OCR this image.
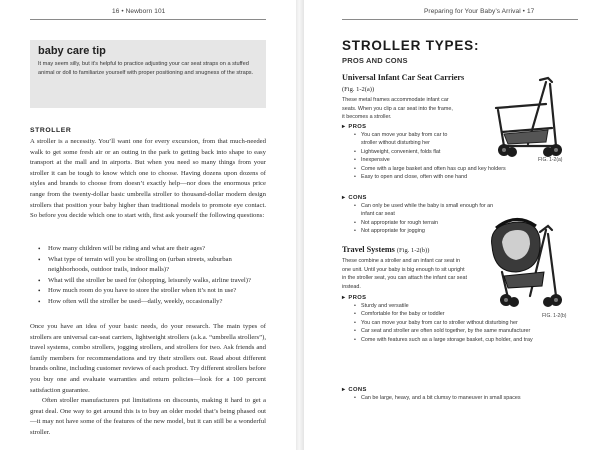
16 • Newborn 101
baby care tip
It may seem silly, but it’s helpful to practice adjusting your car seat straps on a stuffed animal or doll to familiarize yourself with proper positioning and snugness of the straps.
STROLLER

A stroller is a necessity. You’ll want one for every excursion, from that much-needed walk to get some fresh air or an outing in the park to getting back into shape to easy transport at the mall and in airports. But when you need so many things from your stroller it can be tough to know which one to choose. Having dozens upon dozens of styles and brands to choose from doesn’t exactly help—nor does the enormous price range from the twenty-dollar basic umbrella stroller to thousand-dollar modern design strollers that position your baby higher than traditional models to promote eye contact. So before you decide which one to start with, first ask yourself the following questions:

• How many children will be riding and what are their ages?
• What type of terrain will you be strolling on (urban streets, suburban neighborhoods, outdoor trails, indoor malls)?
• What will the stroller be used for (shopping, leisurely walks, airline travel)?
• How much room do you have to store the stroller when it’s not in use?
• How often will the stroller be used—daily, weekly, occasionally?

Once you have an idea of your basic needs, do your research. The main types of strollers are universal car-seat carriers, lightweight strollers (a.k.a. “umbrella strollers”), travel systems, combo strollers, jogging strollers, and strollers for two. Ask friends and family members for recommendations and try their strollers out. Read about different brands online, including customer reviews of each product. Try different strollers before you buy one and evaluate warranties and return policies—look for a 100 percent satisfaction guarantee.

Often stroller manufacturers put limitations on discounts, making it hard to get a great deal. One way to get around this is to buy an older model that’s being phased out—it may not have some of the features of the new model, but it can still be a wonderful stroller.

Preparing for Your Baby’s Arrival • 17
STROLLER TYPES:
PROS AND CONS
Universal Infant Car Seat Carriers (Fig. 1-2(a))
These metal frames accommodate infant car seats. When you clip a car seat into the frame, it becomes a stroller.
▸ PROS
• You can move your baby from car to stroller without disturbing her
• Lightweight, convenient, folds flat
• Inexpensive
• Come with a large basket and often has cup and key holders
• Easy to open and close, often with one hand
▸ CONS
• Can only be used while the baby is small enough for an infant car seat
• Not appropriate for rough terrain
• Not appropriate for jogging
FIG. 1-2(a)
Travel Systems (Fig. 1-2(b))
These combine a stroller and an infant car seat in one unit. Until your baby is big enough to sit upright in the stroller seat, you can attach the infant car seat instead.
▸ PROS
• Sturdy and versatile
• Comfortable for the baby or toddler
• You can move your baby from car to stroller without disturbing her
• Car seat and stroller are often sold together, by the same manufacturer
• Come with features such as a large storage basket, cup holder, and tray
▸ CONS
• Can be large, heavy, and a bit clumsy to maneuver in small spaces
FIG. 1-2(b)
